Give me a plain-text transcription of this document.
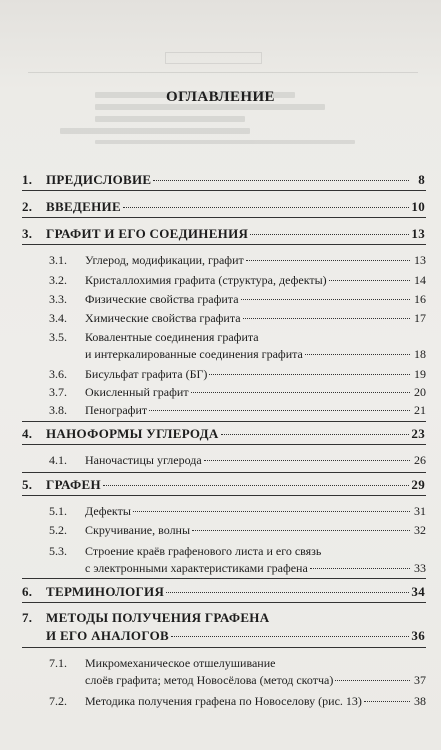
ОГЛАВЛЕНИЕ
1.	ПРЕДИСЛОВИЕ	8
2.	ВВЕДЕНИЕ	10
3.	ГРАФИТ И ЕГО СОЕДИНЕНИЯ	13
3.1.	Углерод, модификации, графит	13
3.2.	Кристаллохимия графита (структура, дефекты)	14
3.3.	Физические свойства графита	16
3.4.	Химические свойства графита	17
3.5. Ковалентные соединения графита
и интеркалированные соединения графита	18
3.6.	Бисульфат графита (БГ)	19
3.7.	Окисленный графит	20
3.8.	Пенографит	21
4.	НАНОФОРМЫ УГЛЕРОДА	23
4.1.	Наночастицы углерода	26
5.	ГРАФЕН	29
5.1.	Дефекты	31
5.2.	Скручивание, волны	32
5.3. Строение краёв графенового листа и его связь
с электронными характеристиками графена	33
6.	ТЕРМИНОЛОГИЯ	34
7. МЕТОДЫ ПОЛУЧЕНИЯ ГРАФЕНА
И ЕГО АНАЛОГОВ	36
7.1. Микромеханическое отшелушивание
слоёв графита; метод Новосёлова (метод скотча)	37
7.2.	Методика получения графена по Новоселову (рис. 13)	38
